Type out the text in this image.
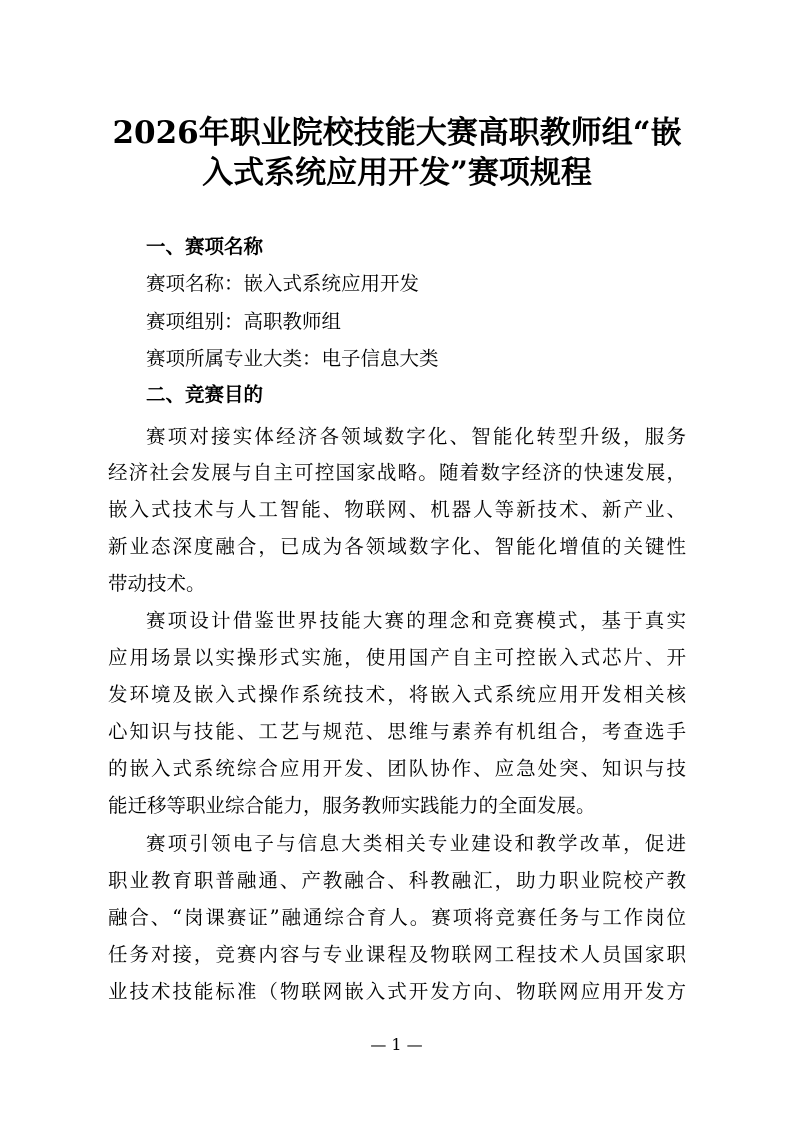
2026年职业院校技能大赛高职教师组“嵌
入式系统应用开发”赛项规程

一、赛项名称

赛项名称：嵌入式系统应用开发

赛项组别：高职教师组

赛项所属专业大类：电子信息大类

二、竞赛目的

赛项对接实体经济各领域数字化、智能化转型升级，服务

经济社会发展与自主可控国家战略。随着数字经济的快速发展，

嵌入式技术与人工智能、物联网、机器人等新技术、新产业、

新业态深度融合，已成为各领域数字化、智能化增值的关键性

带动技术。

赛项设计借鉴世界技能大赛的理念和竞赛模式，基于真实

应用场景以实操形式实施，使用国产自主可控嵌入式芯片、开

发环境及嵌入式操作系统技术，将嵌入式系统应用开发相关核

心知识与技能、工艺与规范、思维与素养有机组合，考查选手

的嵌入式系统综合应用开发、团队协作、应急处突、知识与技

能迁移等职业综合能力，服务教师实践能力的全面发展。

赛项引领电子与信息大类相关专业建设和教学改革，促进

职业教育职普融通、产教融合、科教融汇，助力职业院校产教

融合、“岗课赛证”融通综合育人。赛项将竞赛任务与工作岗位

任务对接，竞赛内容与专业课程及物联网工程技术人员国家职

业技术技能标准（物联网嵌入式开发方向、物联网应用开发方

— 1 —
